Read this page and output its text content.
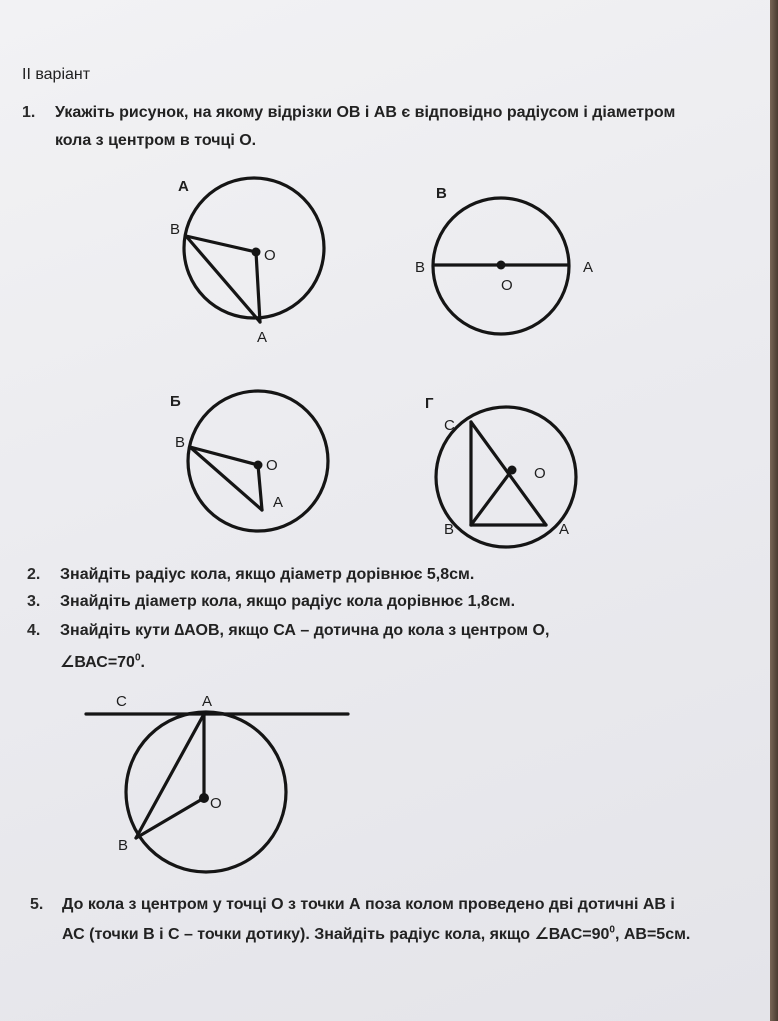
ІІ варіант
1. Укажіть рисунок, на якому відрізки ОВ і АВ є відповідно радіусом і діаметром
кола з центром в точці О.
А
B
O
A
В
B
O
A
Б
B
O
A
Г
C
O
B	A
2. Знайдіть радіус кола, якщо діаметр дорівнює 5,8см.
3. Знайдіть діаметр кола, якщо радіус кола дорівнює 1,8см.
4. Знайдіть кути ∆АОВ, якщо СА – дотична до кола з центром О,
$\angle ВАС=70^0$.
C	A
O
B
5. До кола з центром у точці О з точки А поза колом проведено дві дотичні АВ і
АС (точки В і С – точки дотику). Знайдіть радіус кола, якщо $\angle ВАС=90^0$, АВ=5см.
